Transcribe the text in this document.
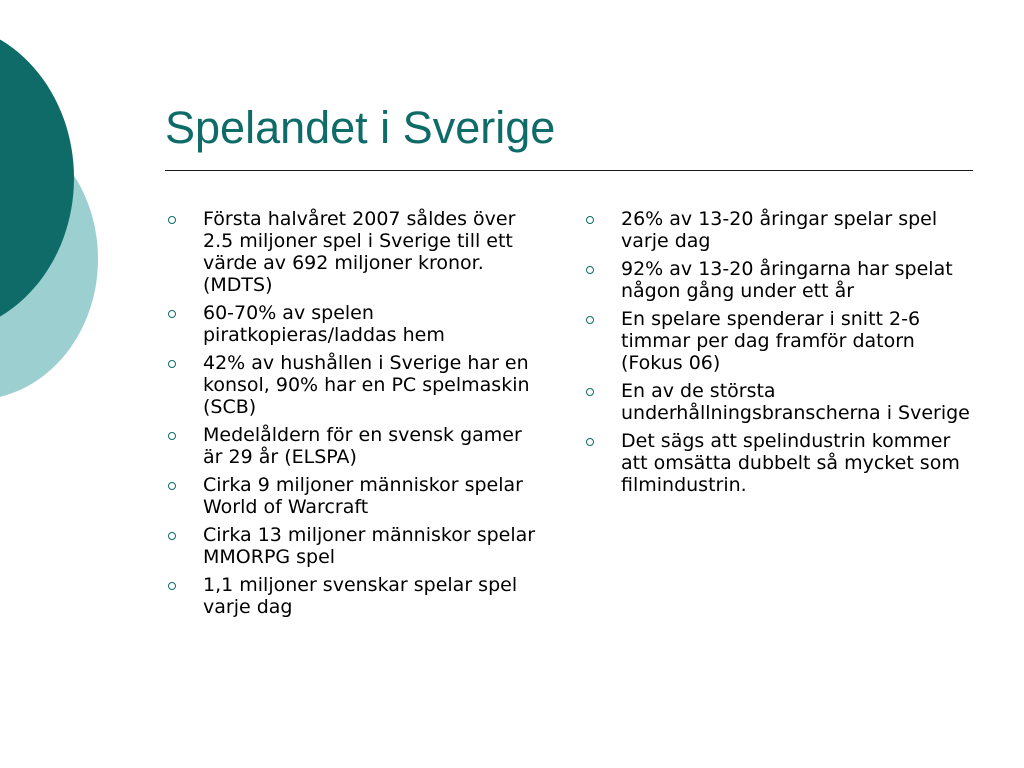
Spelandet i Sverige
Första halvåret 2007 såldes över 2.5 miljoner spel i Sverige till ett värde av 692 miljoner kronor. (MDTS)
60-70% av spelen piratkopieras/laddas hem
42% av hushållen i Sverige har en konsol, 90% har en PC spelmaskin (SCB)
Medelåldern för en svensk gamer är 29 år (ELSPA)
Cirka 9 miljoner människor spelar World of Warcraft
Cirka 13 miljoner människor spelar MMORPG spel
1,1 miljoner svenskar spelar spel varje dag
26% av 13-20 åringar spelar spel varje dag
92% av 13-20 åringarna har spelat någon gång under ett år
En spelare spenderar i snitt 2-6 timmar per dag framför datorn (Fokus 06)
En av de största underhållningsbranscherna i Sverige
Det sägs att spelindustrin kommer att omsätta dubbelt så mycket som filmindustrin.
